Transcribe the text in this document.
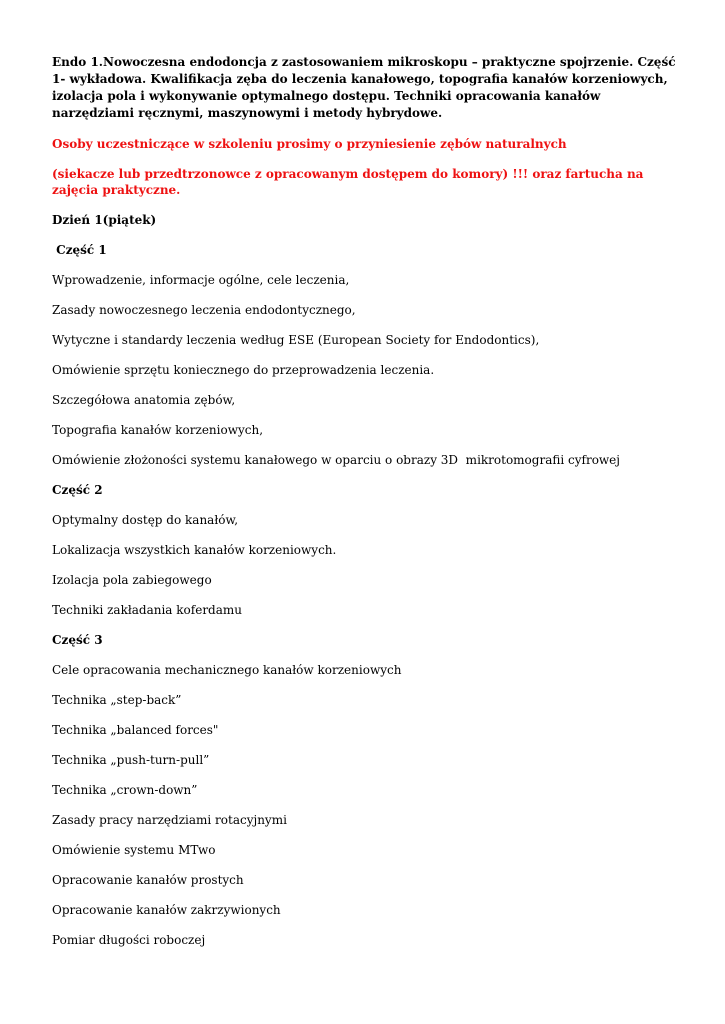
Endo 1.Nowoczesna endodoncja z zastosowaniem mikroskopu – praktyczne spojrzenie. Część 1- wykładowa. Kwalifikacja zęba do leczenia kanałowego, topografia kanałów korzeniowych, izolacja pola i wykonywanie optymalnego dostępu. Techniki opracowania kanałów narzędziami ręcznymi, maszynowymi i metody hybrydowe.

Osoby uczestniczące w szkoleniu prosimy o przyniesienie zębów naturalnych

(siekacze lub przedtrzonowce z opracowanym dostępem do komory) !!! oraz fartucha na zajęcia praktyczne.

Dzień 1(piątek)

Część 1

Wprowadzenie, informacje ogólne, cele leczenia,

Zasady nowoczesnego leczenia endodontycznego,

Wytyczne i standardy leczenia według ESE (European Society for Endodontics),

Omówienie sprzętu koniecznego do przeprowadzenia leczenia.

Szczegółowa anatomia zębów,

Topografia kanałów korzeniowych,

Omówienie złożoności systemu kanałowego w oparciu o obrazy 3D  mikrotomografii cyfrowej

Część 2

Optymalny dostęp do kanałów,

Lokalizacja wszystkich kanałów korzeniowych.

Izolacja pola zabiegowego

Techniki zakładania koferdamu

Część 3

Cele opracowania mechanicznego kanałów korzeniowych

Technika „step-back”

Technika „balanced forces"

Technika „push-turn-pull”

Technika „crown-down”

Zasady pracy narzędziami rotacyjnymi

Omówienie systemu MTwo

Opracowanie kanałów prostych

Opracowanie kanałów zakrzywionych

Pomiar długości roboczej
